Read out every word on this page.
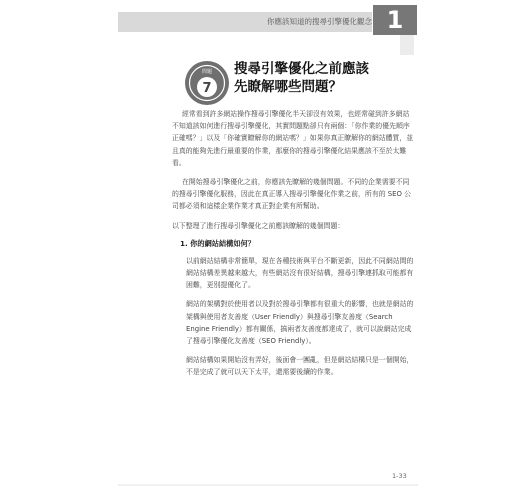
你應該知道的搜尋引擎優化觀念 1
問題
7
搜尋引擎優化之前應該
先瞭解哪些問題？

經常看到許多網站操作搜尋引擎優化半天卻沒有效果，也經常碰到許多網站不知道該如何進行搜尋引擎優化，其實問題點卻只有兩個：「你作業的優先順序正確嗎？」以及「你確實瞭解你的網站嗎？」如果你真正瞭解你的網站體質，並且真的能夠先進行最重要的作業，那麼你的搜尋引擎優化結果應該不至於太難看。

在開始搜尋引擎優化之前，你應該先瞭解的幾個問題。不同的企業需要不同的搜尋引擎優化服務，因此在真正導入搜尋引擎優化作業之前，所有的 SEO 公司都必須和這樣企業作業才真正對企業有所幫助。

以下整理了進行搜尋引擎優化之前應該瞭解的幾個問題：

1. 你的網站結構如何？

以前網站結構非常簡單，現在各種技術與平台不斷更新，因此不同網站間的網站結構差異越來越大，有些網站沒有很好結構，搜尋引擎連抓取可能都有困難，更別提優化了。

網站的架構對於使用者以及對於搜尋引擎都有很重大的影響，也就是網站的架構與使用者友善度（User Friendly）與搜尋引擎友善度（Search Engine Friendly）都有關係，搞兩者友善度都達成了，就可以說網站完成了搜尋引擎優化友善度（SEO Friendly）。

網站結構如果開始沒有弄好，後面會一團亂，但是網站結構只是一個開始，不是完成了就可以天下太平，還需要後續的作業。

1-33
